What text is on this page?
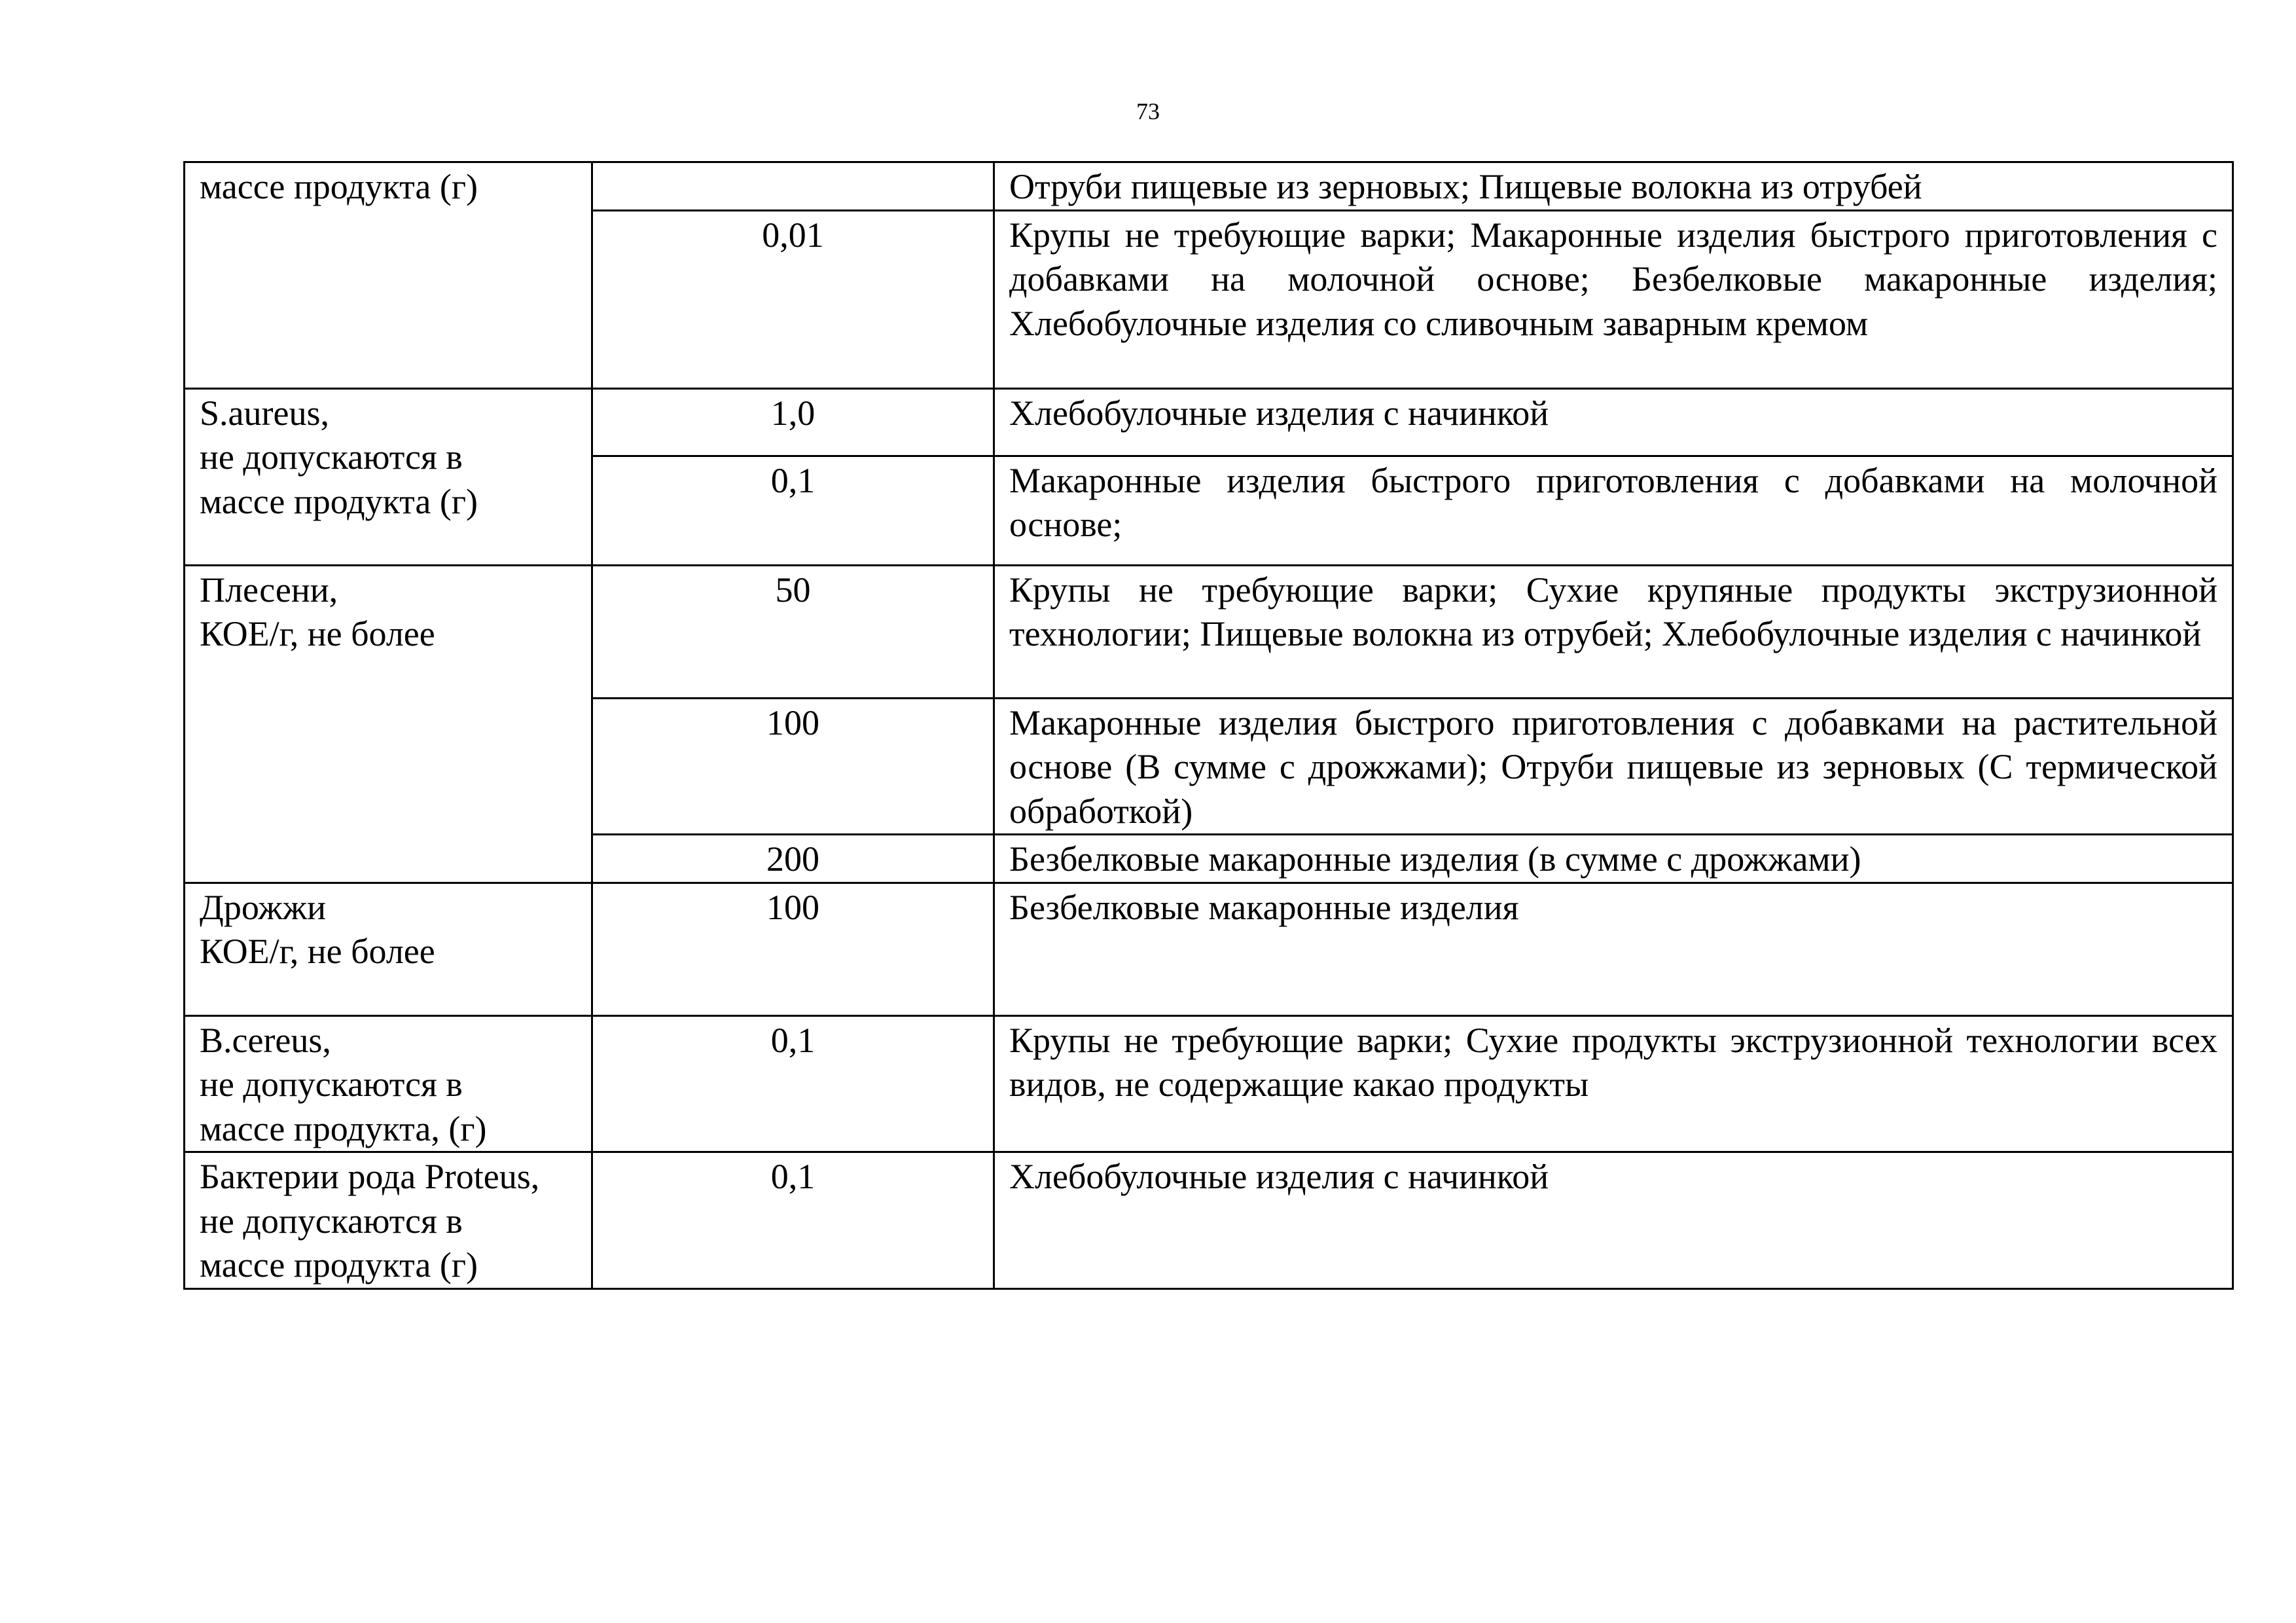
73
массе продукта (г)		Отруби пищевые из зерновых; Пищевые волокна из отрубей
	0,01	Крупы не требующие варки; Макаронные изделия быстрого приготовления с добавками на молочной основе; Безбелковые макаронные изделия; Хлебобулочные изделия со сливочным заварным кремом

S.aureus,
не допускаются в
массе продукта (г)	1,0	Хлебобулочные изделия с начинкой
	0,1	Макаронные изделия быстрого приготовления с добавками на молочной основе;

Плесени,
КОЕ/г, не более	50	Крупы не требующие варки; Сухие крупяные продукты экструзионной технологии; Пищевые волокна из отрубей; Хлебобулочные изделия с начинкой
	100	Макаронные изделия быстрого приготовления с добавками на растительной основе (В сумме с дрожжами); Отруби пищевые из зерновых (С термической обработкой)
	200	Безбелковые макаронные изделия (в сумме с дрожжами)

Дрожжи
КОЕ/г, не более	100	Безбелковые макаронные изделия

B.cereus,
не допускаются в
массе продукта, (г)	0,1	Крупы не требующие варки; Сухие продукты экструзионной технологии всех видов, не содержащие какао продукты

Бактерии рода Proteus,
не допускаются в
массе продукта (г)	0,1	Хлебобулочные изделия с начинкой
